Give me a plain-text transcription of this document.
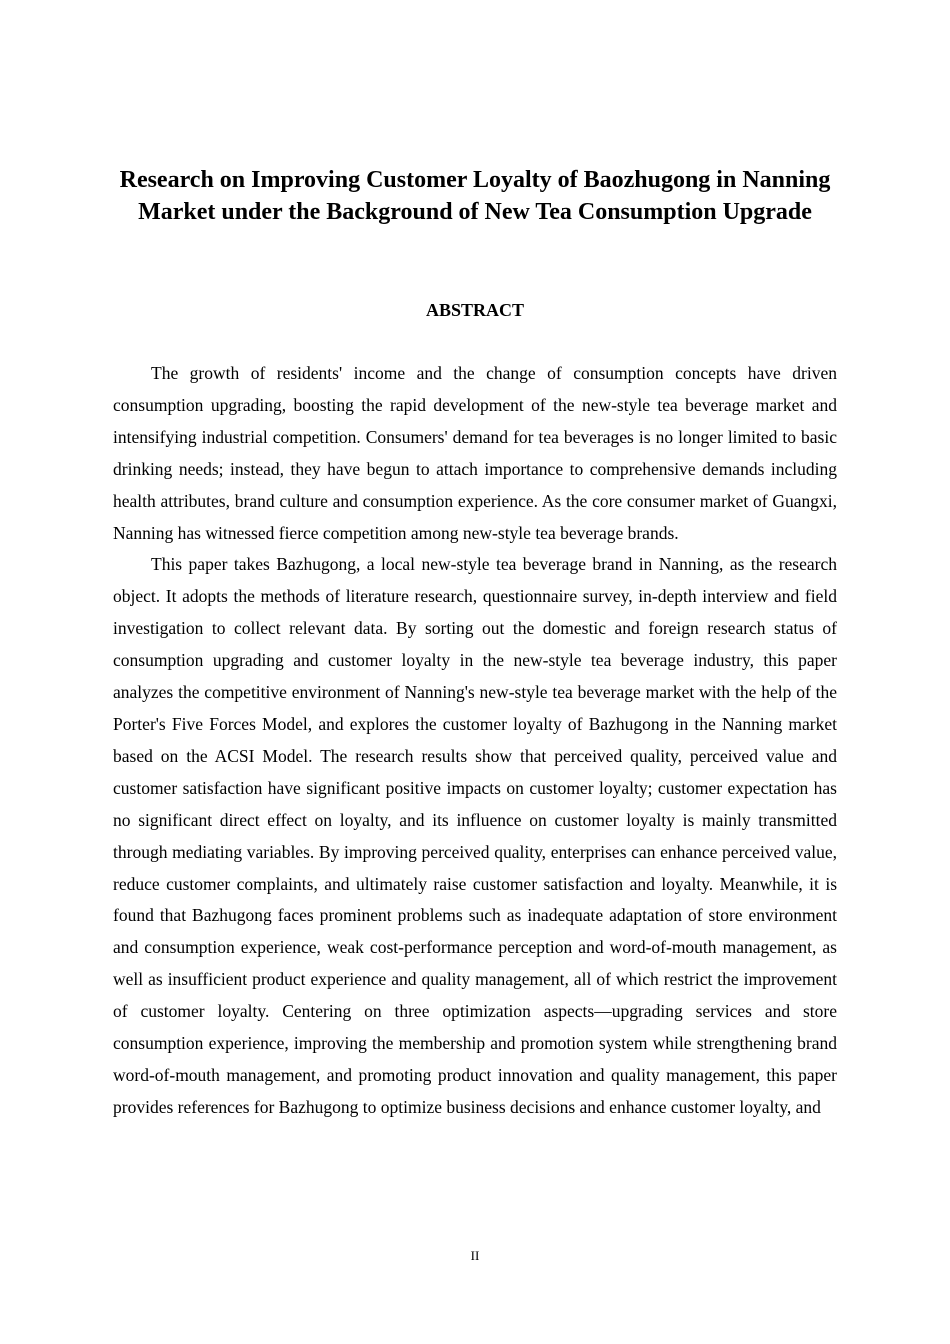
Research on Improving Customer Loyalty of Baozhugong in Nanning Market under the Background of New Tea Consumption Upgrade
ABSTRACT

The growth of residents' income and the change of consumption concepts have driven consumption upgrading, boosting the rapid development of the new-style tea beverage market and intensifying industrial competition. Consumers' demand for tea beverages is no longer limited to basic drinking needs; instead, they have begun to attach importance to comprehensive demands including health attributes, brand culture and consumption experience. As the core consumer market of Guangxi, Nanning has witnessed fierce competition among new-style tea beverage brands.

This paper takes Bazhugong, a local new-style tea beverage brand in Nanning, as the research object. It adopts the methods of literature research, questionnaire survey, in-depth interview and field investigation to collect relevant data. By sorting out the domestic and foreign research status of consumption upgrading and customer loyalty in the new-style tea beverage industry, this paper analyzes the competitive environment of Nanning's new-style tea beverage market with the help of the Porter's Five Forces Model, and explores the customer loyalty of Bazhugong in the Nanning market based on the ACSI Model. The research results show that perceived quality, perceived value and customer satisfaction have significant positive impacts on customer loyalty; customer expectation has no significant direct effect on loyalty, and its influence on customer loyalty is mainly transmitted through mediating variables. By improving perceived quality, enterprises can enhance perceived value, reduce customer complaints, and ultimately raise customer satisfaction and loyalty. Meanwhile, it is found that Bazhugong faces prominent problems such as inadequate adaptation of store environment and consumption experience, weak cost-performance perception and word-of-mouth management, as well as insufficient product experience and quality management, all of which restrict the improvement of customer loyalty. Centering on three optimization aspects—upgrading services and store consumption experience, improving the membership and promotion system while strengthening brand word-of-mouth management, and promoting product innovation and quality management, this paper provides references for Bazhugong to optimize business decisions and enhance customer loyalty, and

II
